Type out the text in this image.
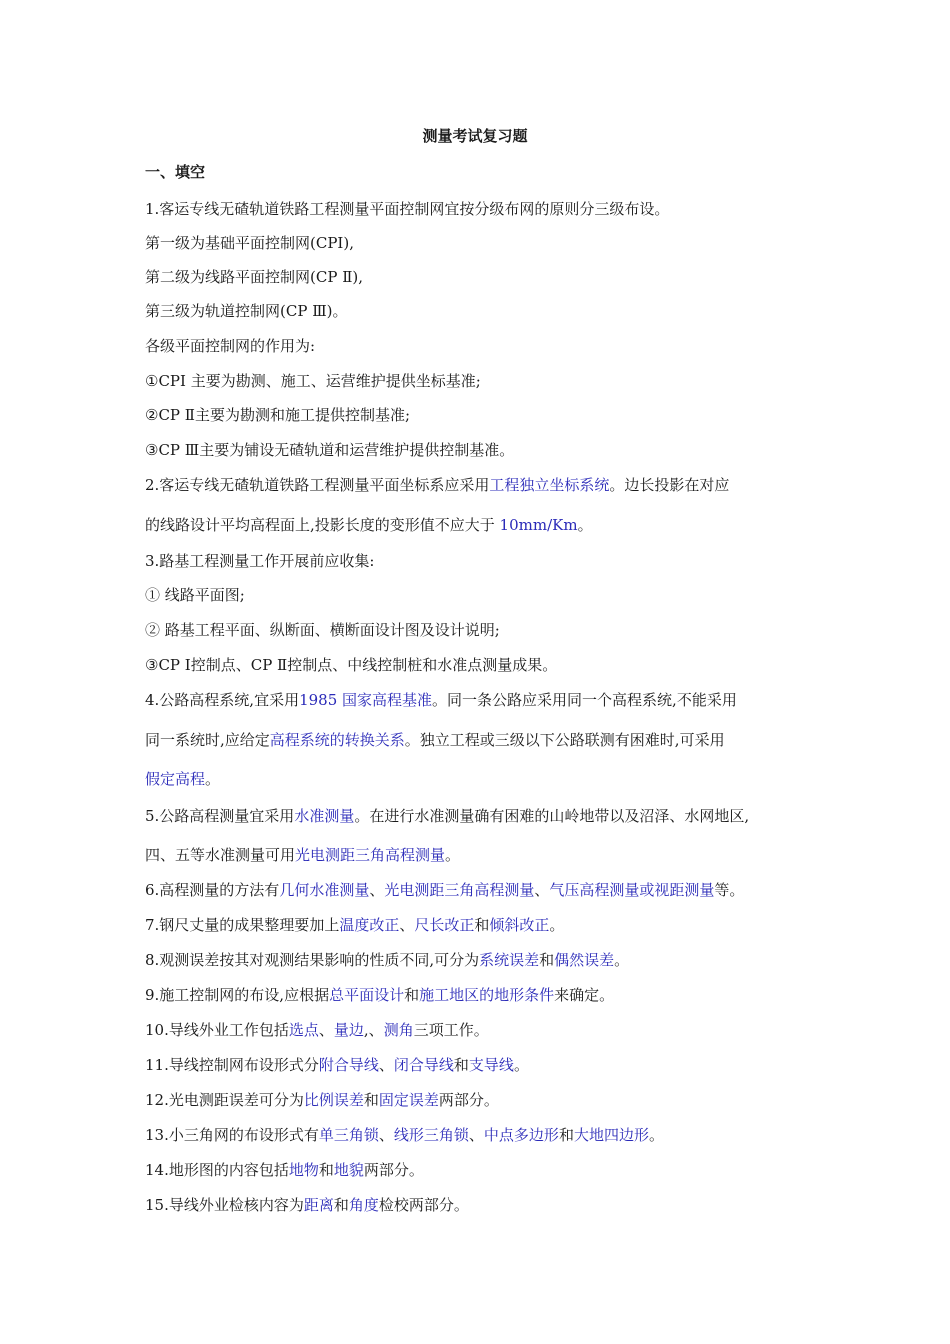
测量考试复习题
一、填空
1.客运专线无碴轨道铁路工程测量平面控制网宜按分级布网的原则分三级布设。
第一级为基础平面控制网(CPⅠ),
第二级为线路平面控制网(CP Ⅱ),
第三级为轨道控制网(CP Ⅲ)。
各级平面控制网的作用为:
①CPⅠ 主要为勘测、施工、运营维护提供坐标基准;
②CP Ⅱ主要为勘测和施工提供控制基准;
③CP Ⅲ主要为铺设无碴轨道和运营维护提供控制基准。
2.客运专线无碴轨道铁路工程测量平面坐标系应采用工程独立坐标系统。边长投影在对应
的线路设计平均高程面上,投影长度的变形值不应大于 10mm/Km。
3.路基工程测量工作开展前应收集:
① 线路平面图;
② 路基工程平面、纵断面、横断面设计图及设计说明;
③CP Ⅰ控制点、CP Ⅱ控制点、中线控制桩和水准点测量成果。
4.公路高程系统,宜采用1985 国家高程基准。同一条公路应采用同一个高程系统,不能采用
同一系统时,应给定高程系统的转换关系。独立工程或三级以下公路联测有困难时,可采用
假定高程。
5.公路高程测量宜采用水准测量。在进行水准测量确有困难的山岭地带以及沼泽、水网地区,
四、五等水准测量可用光电测距三角高程测量。
6.高程测量的方法有几何水准测量、光电测距三角高程测量、气压高程测量或视距测量等。
7.钢尺丈量的成果整理要加上温度改正、尺长改正和倾斜改正。
8.观测误差按其对观测结果影响的性质不同,可分为系统误差和偶然误差。
9.施工控制网的布设,应根据总平面设计和施工地区的地形条件来确定。
10.导线外业工作包括选点、量边,、测角三项工作。
11.导线控制网布设形式分附合导线、闭合导线和支导线。
12.光电测距误差可分为比例误差和固定误差两部分。
13.小三角网的布设形式有单三角锁、线形三角锁、中点多边形和大地四边形。
14.地形图的内容包括地物和地貌两部分。
15.导线外业检核内容为距离和角度检校两部分。
